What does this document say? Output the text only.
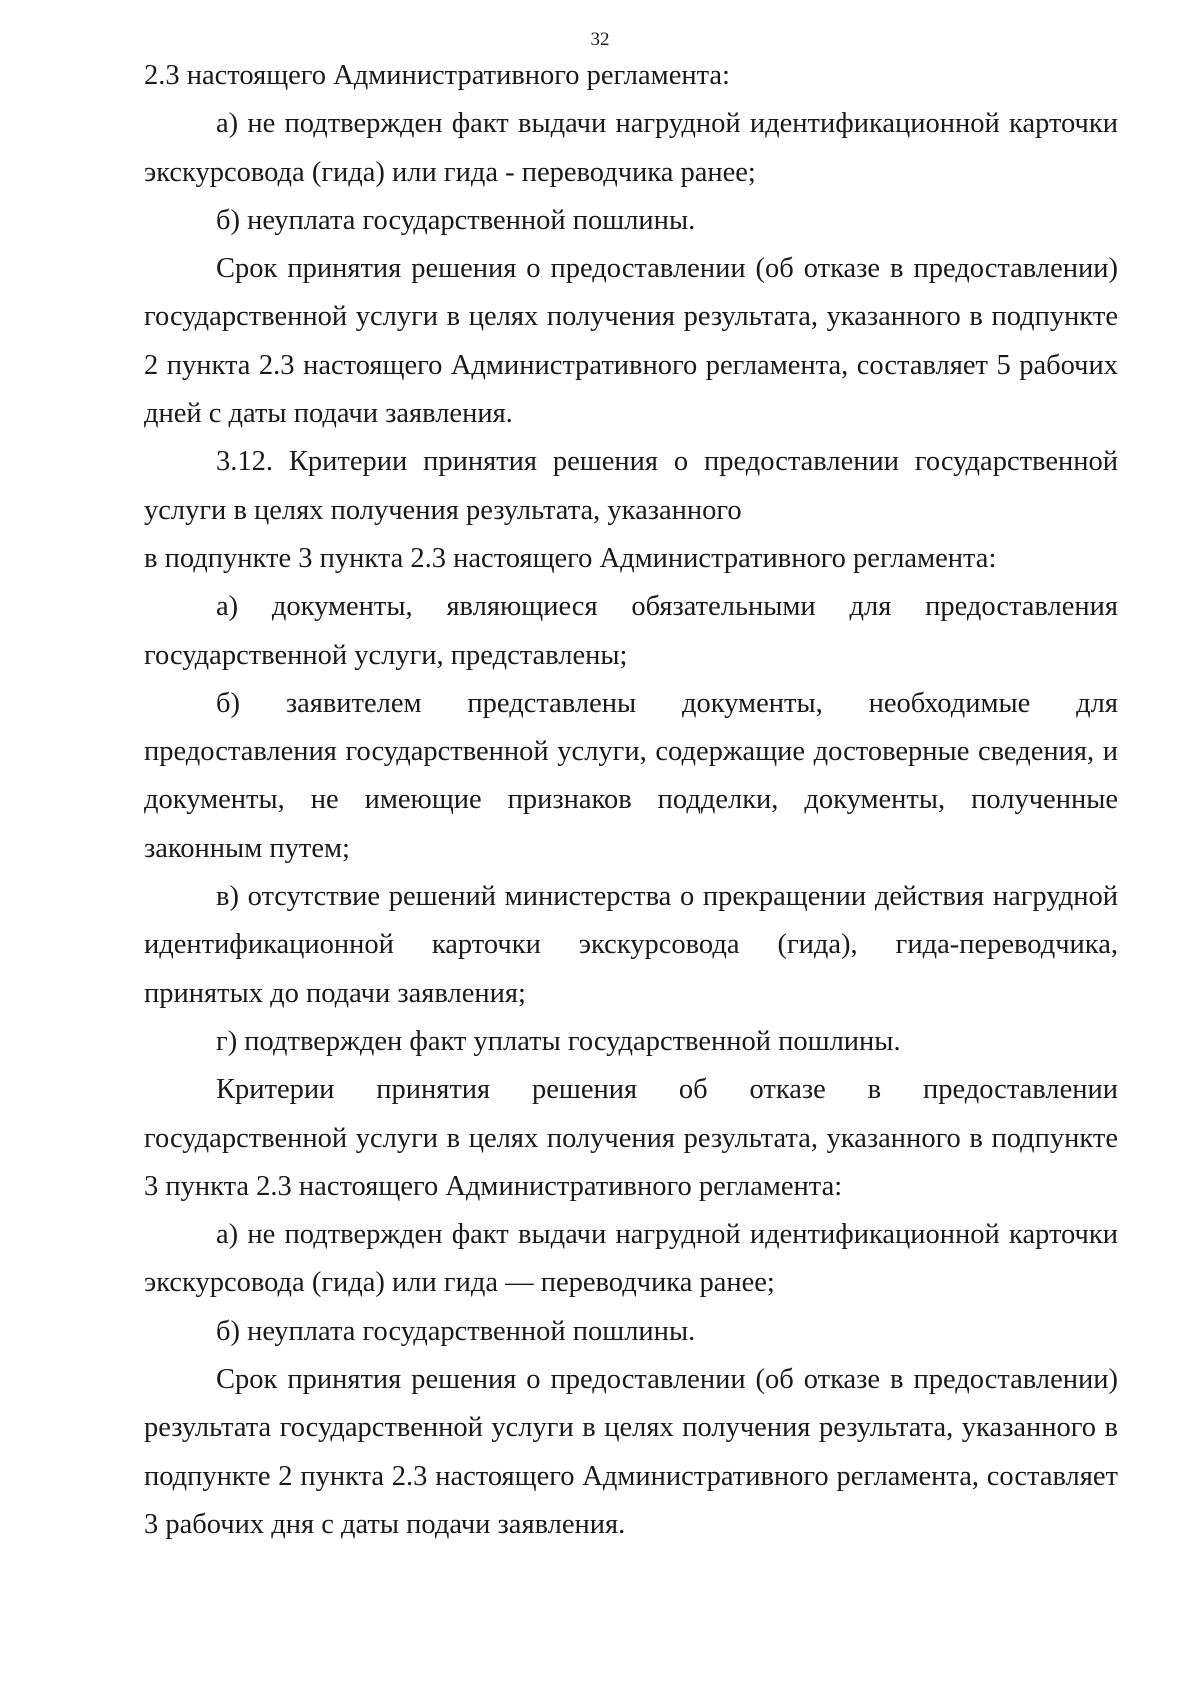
32

2.3 настоящего Административного регламента:

а) не подтвержден факт выдачи нагрудной идентификационной карточки экскурсовода (гида) или гида - переводчика ранее;

б) неуплата государственной пошлины.

Срок принятия решения о предоставлении (об отказе в предоставлении) государственной услуги в целях получения результата, указанного в подпункте 2 пункта 2.3 настоящего Административного регламента, составляет 5 рабочих дней с даты подачи заявления.

3.12. Критерии принятия решения о предоставлении государственной услуги в целях получения результата, указанного

в подпункте 3 пункта 2.3 настоящего Административного регламента:

а) документы, являющиеся обязательными для предоставления государственной услуги, представлены;

б) заявителем представлены документы, необходимые для предоставления государственной услуги, содержащие достоверные сведения, и документы, не имеющие признаков подделки, документы, полученные законным путем;

в) отсутствие решений министерства о прекращении действия нагрудной идентификационной карточки экскурсовода (гида), гида-переводчика, принятых до подачи заявления;

г) подтвержден факт уплаты государственной пошлины.

Критерии принятия решения об отказе в предоставлении государственной услуги в целях получения результата, указанного в подпункте 3 пункта 2.3 настоящего Административного регламента:

а) не подтвержден факт выдачи нагрудной идентификационной карточки экскурсовода (гида) или гида — переводчика ранее;

б) неуплата государственной пошлины.

Срок принятия решения о предоставлении (об отказе в предоставлении) результата государственной услуги в целях получения результата, указанного в подпункте 2 пункта 2.3 настоящего Административного регламента, составляет 3 рабочих дня с даты подачи заявления.
